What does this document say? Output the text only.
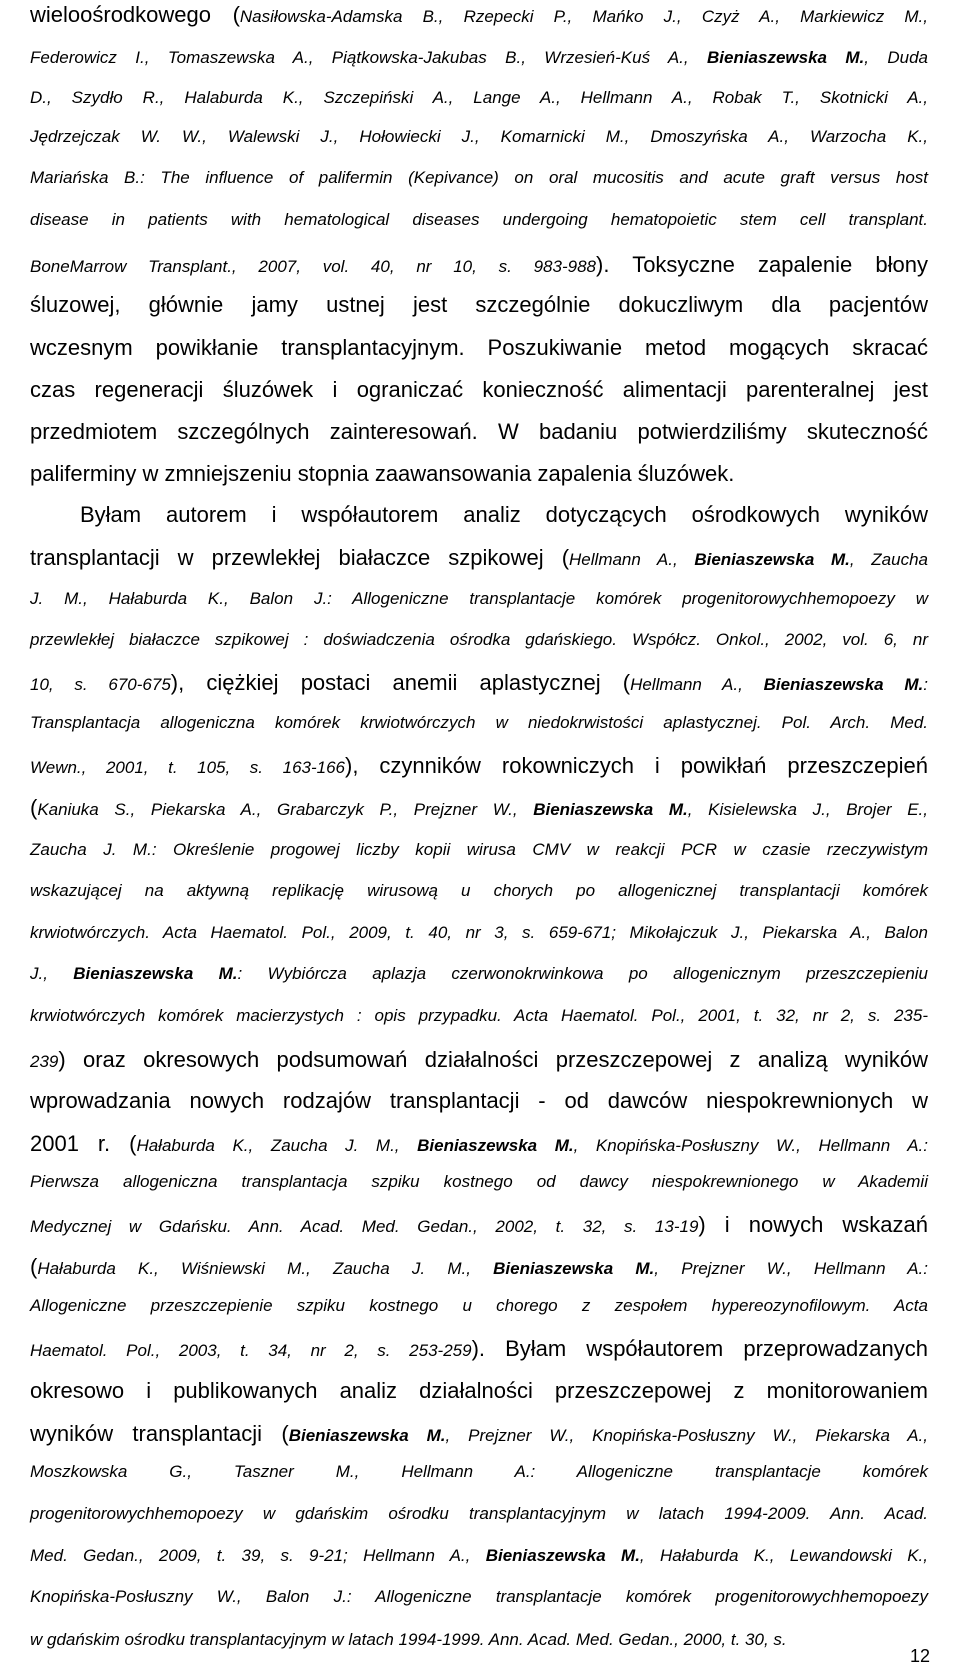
wieloośrodkowego (Nasiłowska-Adamska B., Rzepecki P., Mańko J., Czyż A., Markiewicz M.,
Federowicz I., Tomaszewska A., Piątkowska-Jakubas B., Wrzesień-Kuś A., Bieniaszewska M., Duda
D., Szydło R., Halaburda K., Szczepiński A., Lange A., Hellmann A., Robak T., Skotnicki A.,
Jędrzejczak W. W., Walewski J., Hołowiecki J., Komarnicki M., Dmoszyńska A., Warzocha K.,
Mariańska B.: The influence of palifermin (Kepivance) on oral mucositis and acute graft versus host
disease in patients with hematological diseases undergoing hematopoietic stem cell transplant.
BoneMarrow Transplant., 2007, vol. 40, nr 10, s. 983-988). Toksyczne zapalenie błony
śluzowej, głównie jamy ustnej jest szczególnie dokuczliwym dla pacjentów
wczesnym powikłanie transplantacyjnym. Poszukiwanie metod mogących skracać
czas regeneracji śluzówek i ograniczać konieczność alimentacji parenteralnej jest
przedmiotem szczególnych zainteresowań. W badaniu potwierdziliśmy skuteczność
paliferminy w zmniejszeniu stopnia zaawansowania zapalenia śluzówek.
Byłam autorem i współautorem analiz dotyczących ośrodkowych wyników
transplantacji w przewlekłej białaczce szpikowej (Hellmann A., Bieniaszewska M., Zaucha
J. M., Hałaburda K., Balon J.: Allogeniczne transplantacje komórek progenitorowychhemopoezy w
przewlekłej białaczce szpikowej : doświadczenia ośrodka gdańskiego. Współcz. Onkol., 2002, vol. 6, nr
10, s. 670-675), ciężkiej postaci anemii aplastycznej (Hellmann A., Bieniaszewska M.:
Transplantacja allogeniczna komórek krwiotwórczych w niedokrwistości aplastycznej. Pol. Arch. Med.
Wewn., 2001, t. 105, s. 163-166), czynników rokowniczych i powikłań przeszczepień
(Kaniuka S., Piekarska A., Grabarczyk P., Prejzner W., Bieniaszewska M., Kisielewska J., Brojer E.,
Zaucha J. M.: Określenie progowej liczby kopii wirusa CMV w reakcji PCR w czasie rzeczywistym
wskazującej na aktywną replikację wirusową u chorych po allogenicznej transplantacji komórek
krwiotwórczych. Acta Haematol. Pol., 2009, t. 40, nr 3, s. 659-671; Mikołajczuk J., Piekarska A., Balon
J., Bieniaszewska M.: Wybiórcza aplazja czerwonokrwinkowa po allogenicznym przeszczepieniu
krwiotwórczych komórek macierzystych : opis przypadku. Acta Haematol. Pol., 2001, t. 32, nr 2, s. 235-
239) oraz okresowych podsumowań działalności przeszczepowej z analizą wyników
wprowadzania nowych rodzajów transplantacji - od dawców niespokrewnionych w
2001 r. (Hałaburda K., Zaucha J. M., Bieniaszewska M., Knopińska-Posłuszny W., Hellmann A.:
Pierwsza allogeniczna transplantacja szpiku kostnego od dawcy niespokrewnionego w Akademii
Medycznej w Gdańsku. Ann. Acad. Med. Gedan., 2002, t. 32, s. 13-19) i nowych wskazań
(Hałaburda K., Wiśniewski M., Zaucha J. M., Bieniaszewska M., Prejzner W., Hellmann A.:
Allogeniczne przeszczepienie szpiku kostnego u chorego z zespołem hypereozynofilowym. Acta
Haematol. Pol., 2003, t. 34, nr 2, s. 253-259). Byłam współautorem przeprowadzanych
okresowo i publikowanych analiz działalności przeszczepowej z monitorowaniem
wyników transplantacji (Bieniaszewska M., Prejzner W., Knopińska-Posłuszny W., Piekarska A.,
Moszkowska G., Taszner M., Hellmann A.: Allogeniczne transplantacje komórek
progenitorowychhemopoezy w gdańskim ośrodku transplantacyjnym w latach 1994-2009. Ann. Acad.
Med. Gedan., 2009, t. 39, s. 9-21; Hellmann A., Bieniaszewska M., Hałaburda K., Lewandowski K.,
Knopińska-Posłuszny W., Balon J.: Allogeniczne transplantacje komórek progenitorowychhemopoezy
w gdańskim ośrodku transplantacyjnym w latach 1994-1999. Ann. Acad. Med. Gedan., 2000, t. 30, s.
12
